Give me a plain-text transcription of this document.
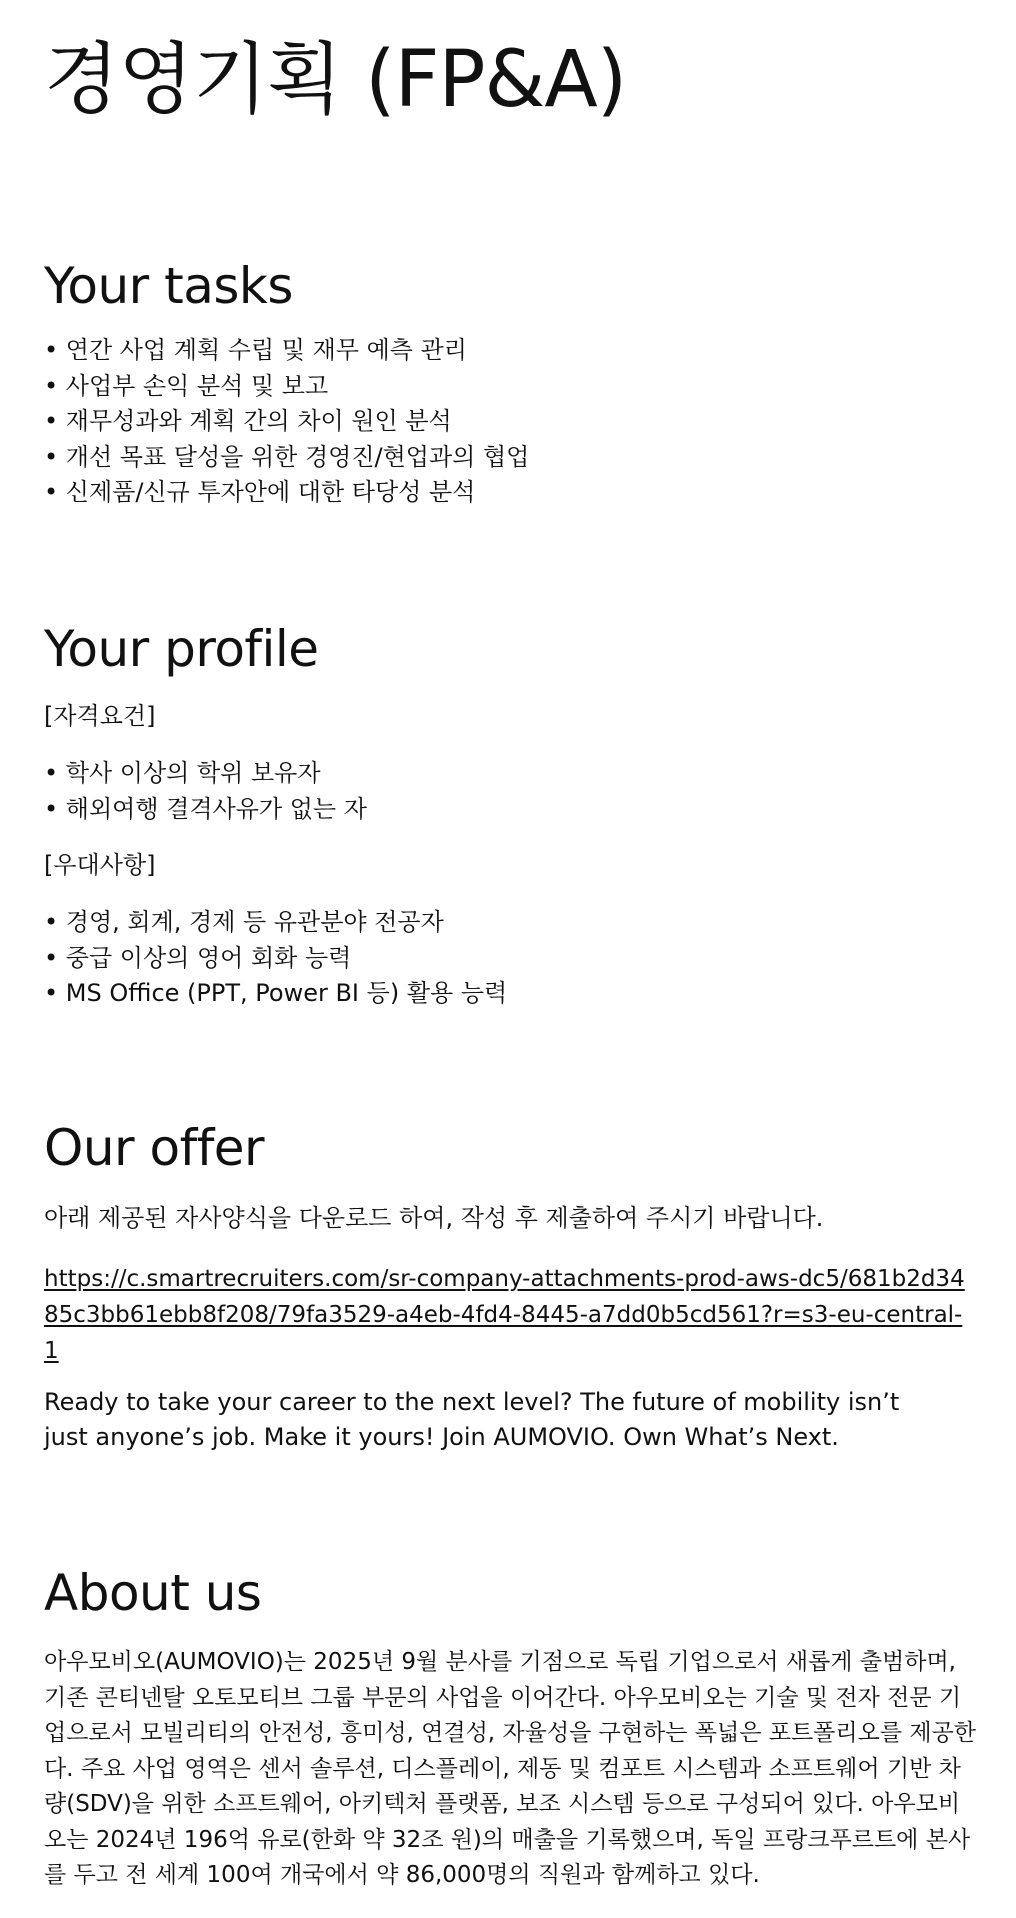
경영기획 (FP&A)
Your tasks
• 연간 사업 계획 수립 및 재무 예측 관리
• 사업부 손익 분석 및 보고
• 재무성과와 계획 간의 차이 원인 분석
• 개선 목표 달성을 위한 경영진/현업과의 협업
• 신제품/신규 투자안에 대한 타당성 분석
Your profile
[자격요건]
• 학사 이상의 학위 보유자
• 해외여행 결격사유가 없는 자
[우대사항]
• 경영, 회계, 경제 등 유관분야 전공자
• 중급 이상의 영어 회화 능력
• MS Office (PPT, Power BI 등) 활용 능력
Our offer

아래 제공된 자사양식을 다운로드 하여, 작성 후 제출하여 주시기 바랍니다.

https://c.smartrecruiters.com/sr-company-attachments-prod-aws-dc5/681b2d3485c3bb61ebb8f208/79fa3529-a4eb-4fd4-8445-a7dd0b5cd561?r=s3-eu-central-1

Ready to take your career to the next level? The future of mobility isn’t just anyone’s job. Make it yours! Join AUMOVIO. Own What’s Next.

About us

아우모비오(AUMOVIO)는 2025년 9월 분사를 기점으로 독립 기업으로서 새롭게 출범하며, 기존 콘티넨탈 오토모티브 그룹 부문의 사업을 이어간다. 아우모비오는 기술 및 전자 전문 기업으로서 모빌리티의 안전성, 흥미성, 연결성, 자율성을 구현하는 폭넓은 포트폴리오를 제공한다. 주요 사업 영역은 센서 솔루션, 디스플레이, 제동 및 컴포트 시스템과 소프트웨어 기반 차량(SDV)을 위한 소프트웨어, 아키텍처 플랫폼, 보조 시스템 등으로 구성되어 있다. 아우모비오는 2024년 196억 유로(한화 약 32조 원)의 매출을 기록했으며, 독일 프랑크푸르트에 본사를 두고 전 세계 100여 개국에서 약 86,000명의 직원과 함께하고 있다.
